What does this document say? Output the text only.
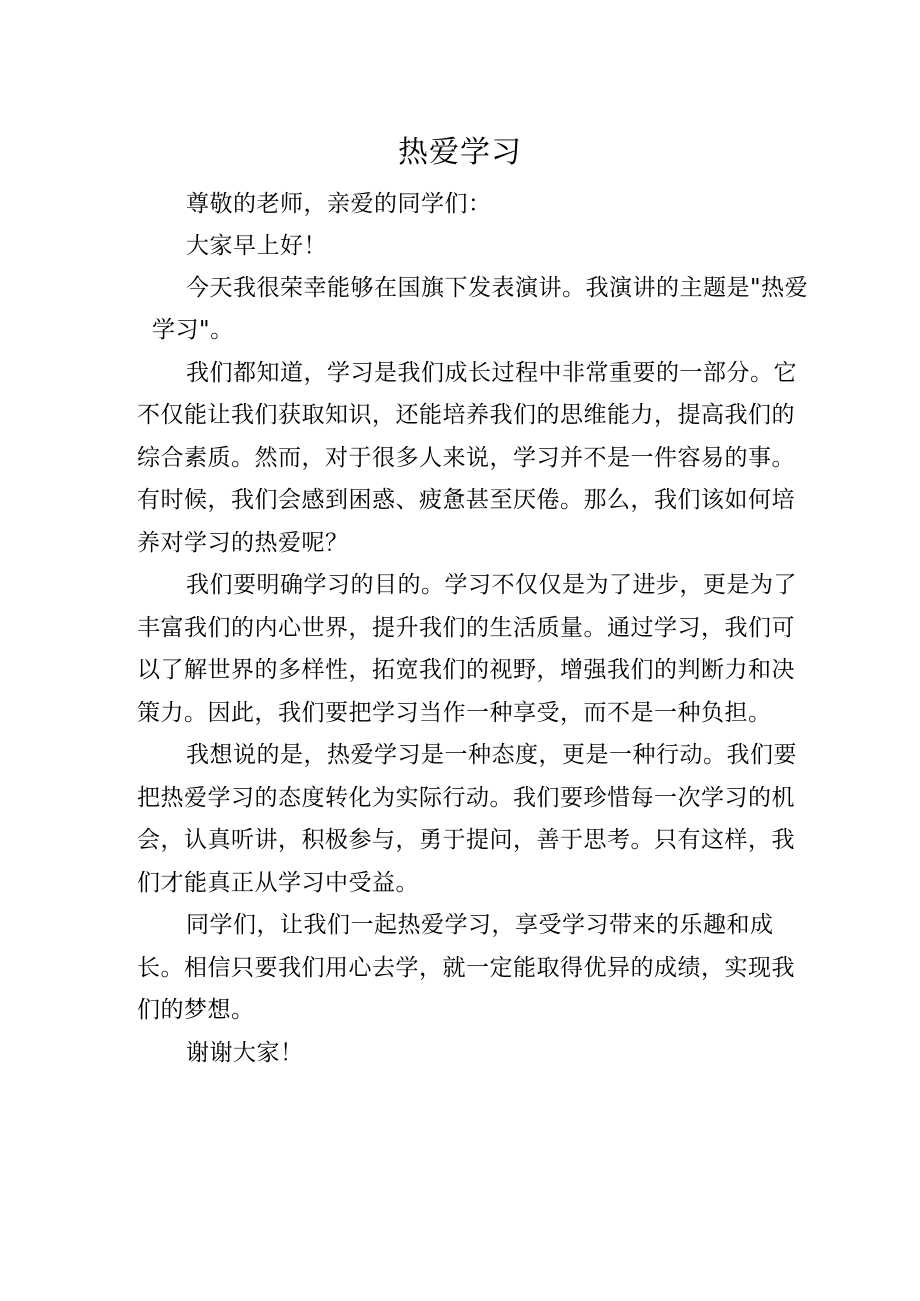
热爱学习
尊敬的老师，亲爱的同学们：
大家早上好！
今天我很荣幸能够在国旗下发表演讲。我演讲的主题是"热爱
学习"。
我们都知道，学习是我们成长过程中非常重要的一部分。它
不仅能让我们获取知识，还能培养我们的思维能力，提高我们的
综合素质。然而，对于很多人来说，学习并不是一件容易的事。
有时候，我们会感到困惑、疲惫甚至厌倦。那么，我们该如何培
养对学习的热爱呢？
我们要明确学习的目的。学习不仅仅是为了进步，更是为了
丰富我们的内心世界，提升我们的生活质量。通过学习，我们可
以了解世界的多样性，拓宽我们的视野，增强我们的判断力和决
策力。因此，我们要把学习当作一种享受，而不是一种负担。
我想说的是，热爱学习是一种态度，更是一种行动。我们要
把热爱学习的态度转化为实际行动。我们要珍惜每一次学习的机
会，认真听讲，积极参与，勇于提问，善于思考。只有这样，我
们才能真正从学习中受益。
同学们，让我们一起热爱学习，享受学习带来的乐趣和成
长。相信只要我们用心去学，就一定能取得优异的成绩，实现我
们的梦想。
谢谢大家！
